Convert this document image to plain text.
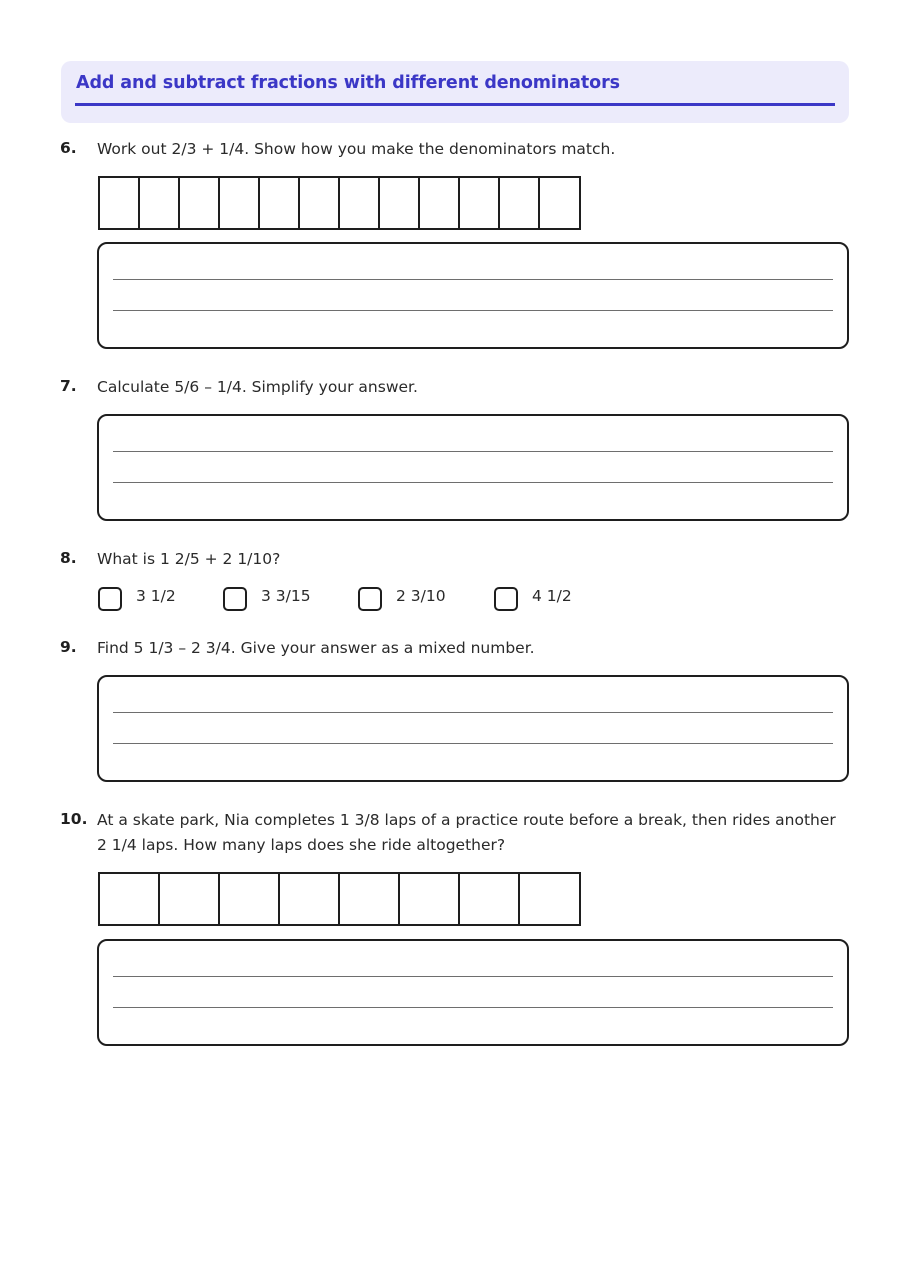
Add and subtract fractions with different denominators
6. Work out 2/3 + 1/4. Show how you make the denominators match.
7. Calculate 5/6 – 1/4. Simplify your answer.
8. What is 1 2/5 + 2 1/10?
3 1/2	3 3/15	2 3/10	4 1/2
9. Find 5 1/3 – 2 3/4. Give your answer as a mixed number.
10. At a skate park, Nia completes 1 3/8 laps of a practice route before a break, then rides another 2 1/4 laps. How many laps does she ride altogether?
